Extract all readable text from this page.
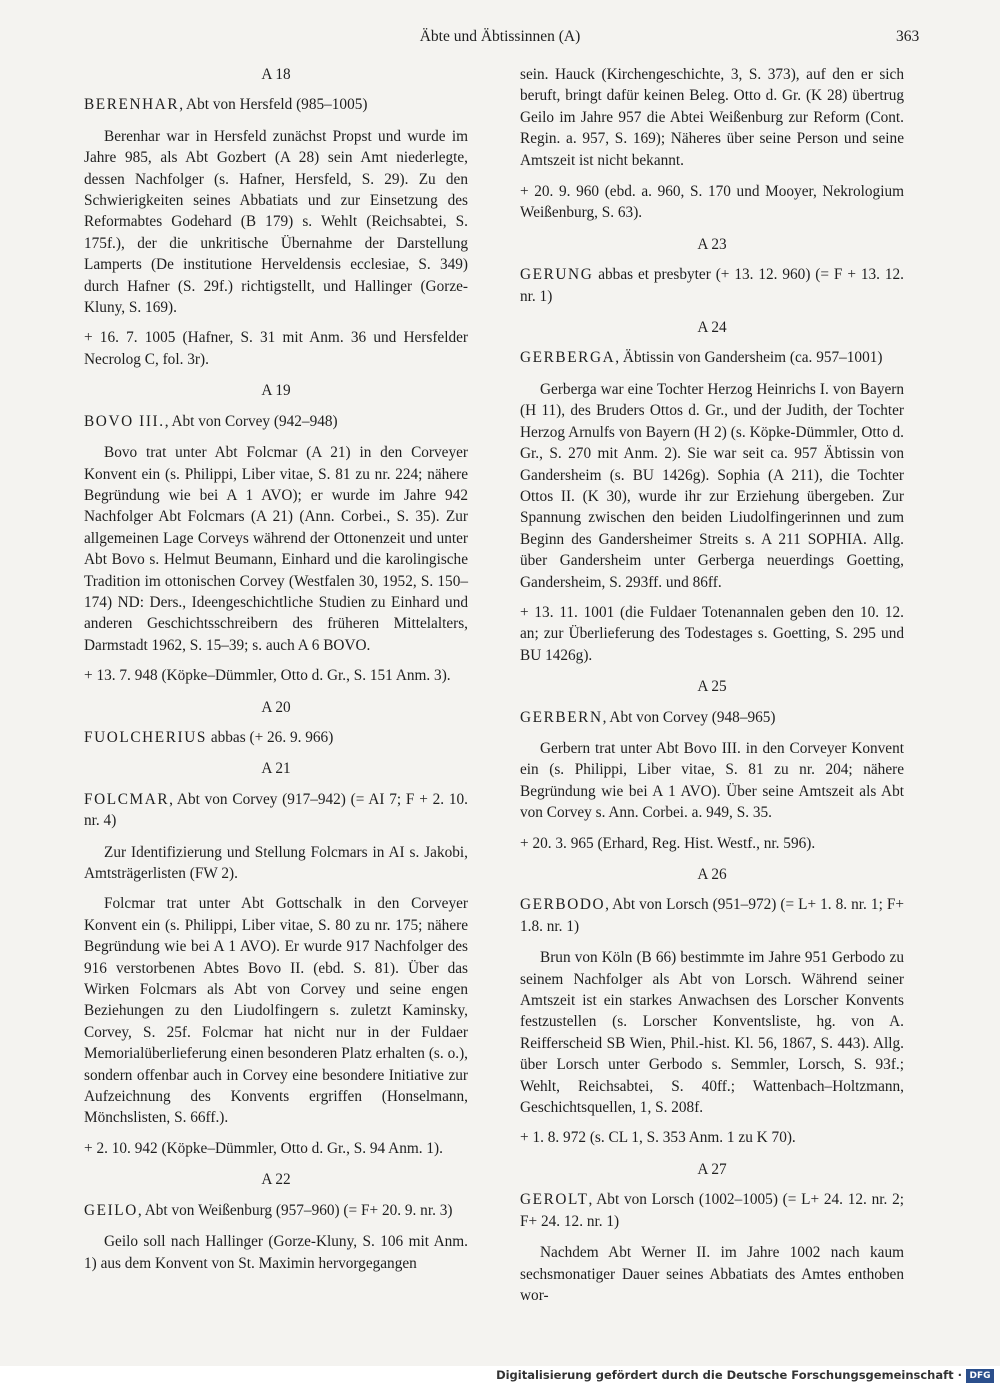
Äbte und Äbtissinnen (A)	363
A 18
BERENHAR, Abt von Hersfeld (985–1005)

Berenhar war in Hersfeld zunächst Propst und wurde im Jahre 985, als Abt Gozbert (A 28) sein Amt niederlegte, dessen Nachfolger (s. Hafner, Hersfeld, S. 29). Zu den Schwierigkeiten seines Abbatiats und zur Einsetzung des Reformabtes Godehard (B 179) s. Wehlt (Reichsabtei, S. 175f.), der die unkritische Übernahme der Darstellung Lamperts (De institutione Herveldensis ecclesiae, S. 349) durch Hafner (S. 29f.) richtigstellt, und Hallinger (Gorze-Kluny, S. 169).

+ 16. 7. 1005 (Hafner, S. 31 mit Anm. 36 und Hersfelder Necrolog C, fol. 3r).

A 19
BOVO III., Abt von Corvey (942–948)

Bovo trat unter Abt Folcmar (A 21) in den Corveyer Konvent ein (s. Philippi, Liber vitae, S. 81 zu nr. 224; nähere Begründung wie bei A 1 AVO); er wurde im Jahre 942 Nachfolger Abt Folcmars (A 21) (Ann. Corbei., S. 35). Zur allgemeinen Lage Corveys während der Ottonenzeit und unter Abt Bovo s. Helmut Beumann, Einhard und die karolingische Tradition im ottonischen Corvey (Westfalen 30, 1952, S. 150–174) ND: Ders., Ideengeschichtliche Studien zu Einhard und anderen Geschichtsschreibern des früheren Mittelalters, Darmstadt 1962, S. 15–39; s. auch A 6 BOVO.

+ 13. 7. 948 (Köpke–Dümmler, Otto d. Gr., S. 151 Anm. 3).

A 20
FUOLCHERIUS abbas (+ 26. 9. 966)
A 21
FOLCMAR, Abt von Corvey (917–942) (= AI 7; F + 2. 10. nr. 4)

Zur Identifizierung und Stellung Folcmars in AI s. Jakobi, Amtsträgerlisten (FW 2).

Folcmar trat unter Abt Gottschalk in den Corveyer Konvent ein (s. Philippi, Liber vitae, S. 80 zu nr. 175; nähere Begründung wie bei A 1 AVO). Er wurde 917 Nachfolger des 916 verstorbenen Abtes Bovo II. (ebd. S. 81). Über das Wirken Folcmars als Abt von Corvey und seine engen Beziehungen zu den Liudolfingern s. zuletzt Kaminsky, Corvey, S. 25f. Folcmar hat nicht nur in der Fuldaer Memorialüberlieferung einen besonderen Platz erhalten (s. o.), sondern offenbar auch in Corvey eine besondere Initiative zur Aufzeichnung des Konvents ergriffen (Honselmann, Mönchslisten, S. 66ff.).

+ 2. 10. 942 (Köpke–Dümmler, Otto d. Gr., S. 94 Anm. 1).

A 22
GEILO, Abt von Weißenburg (957–960) (= F+ 20. 9. nr. 3)

Geilo soll nach Hallinger (Gorze-Kluny, S. 106 mit Anm. 1) aus dem Konvent von St. Maximin hervorgegangen

sein. Hauck (Kirchengeschichte, 3, S. 373), auf den er sich beruft, bringt dafür keinen Beleg. Otto d. Gr. (K 28) übertrug Geilo im Jahre 957 die Abtei Weißenburg zur Reform (Cont. Regin. a. 957, S. 169); Näheres über seine Person und seine Amtszeit ist nicht bekannt.

+ 20. 9. 960 (ebd. a. 960, S. 170 und Mooyer, Nekrologium Weißenburg, S. 63).

A 23
GERUNG abbas et presbyter (+ 13. 12. 960) (= F + 13. 12. nr. 1)
A 24
GERBERGA, Äbtissin von Gandersheim (ca. 957–1001)

Gerberga war eine Tochter Herzog Heinrichs I. von Bayern (H 11), des Bruders Ottos d. Gr., und der Judith, der Tochter Herzog Arnulfs von Bayern (H 2) (s. Köpke-Dümmler, Otto d. Gr., S. 270 mit Anm. 2). Sie war seit ca. 957 Äbtissin von Gandersheim (s. BU 1426g). Sophia (A 211), die Tochter Ottos II. (K 30), wurde ihr zur Erziehung übergeben. Zur Spannung zwischen den beiden Liudolfingerinnen und zum Beginn des Gandersheimer Streits s. A 211 SOPHIA. Allg. über Gandersheim unter Gerberga neuerdings Goetting, Gandersheim, S. 293ff. und 86ff.

+ 13. 11. 1001 (die Fuldaer Totenannalen geben den 10. 12. an; zur Überlieferung des Todestages s. Goetting, S. 295 und BU 1426g).

A 25
GERBERN, Abt von Corvey (948–965)

Gerbern trat unter Abt Bovo III. in den Corveyer Konvent ein (s. Philippi, Liber vitae, S. 81 zu nr. 204; nähere Begründung wie bei A 1 AVO). Über seine Amtszeit als Abt von Corvey s. Ann. Corbei. a. 949, S. 35.

+ 20. 3. 965 (Erhard, Reg. Hist. Westf., nr. 596).

A 26
GERBODO, Abt von Lorsch (951–972) (= L+ 1. 8. nr. 1; F+ 1.8. nr. 1)

Brun von Köln (B 66) bestimmte im Jahre 951 Gerbodo zu seinem Nachfolger als Abt von Lorsch. Während seiner Amtszeit ist ein starkes Anwachsen des Lorscher Konvents festzustellen (s. Lorscher Konventsliste, hg. von A. Reifferscheid SB Wien, Phil.-hist. Kl. 56, 1867, S. 443). Allg. über Lorsch unter Gerbodo s. Semmler, Lorsch, S. 93f.; Wehlt, Reichsabtei, S. 40ff.; Wattenbach–Holtzmann, Geschichtsquellen, 1, S. 208f.

+ 1. 8. 972 (s. CL 1, S. 353 Anm. 1 zu K 70).

A 27
GEROLT, Abt von Lorsch (1002–1005) (= L+ 24. 12. nr. 2; F+ 24. 12. nr. 1)

Nachdem Abt Werner II. im Jahre 1002 nach kaum sechsmonatiger Dauer seines Abbatiats des Amtes enthoben wor-

Digitalisierung gefördert durch die Deutsche Forschungsgemeinschaft · DFG
